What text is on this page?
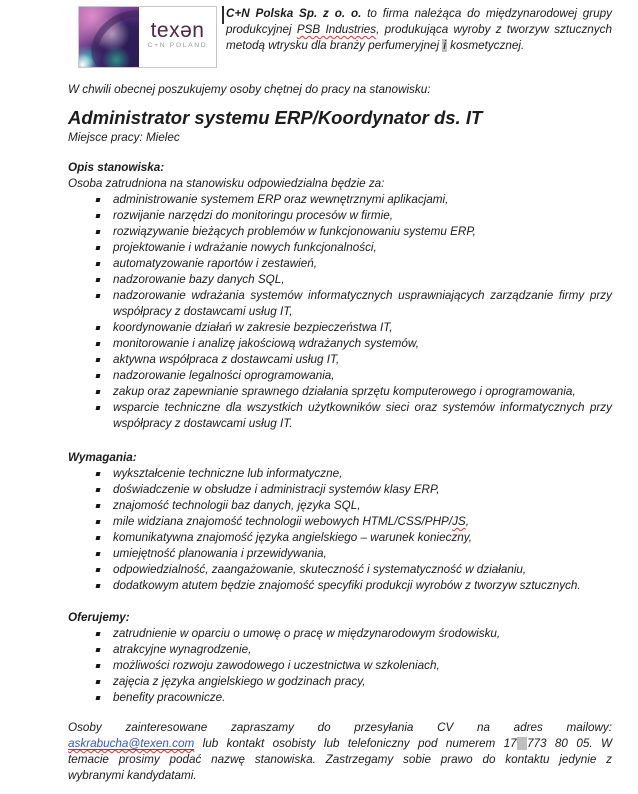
texən
C+N POLAND
C+N Polska Sp. z o. o. to firma należąca do międzynarodowej grupy produkcyjnej PSB Industries, produkująca wyroby z tworzyw sztucznych metodą wtrysku dla branży perfumeryjnej i kosmetycznej.

W chwili obecnej poszukujemy osoby chętnej do pracy na stanowisku:

Administrator systemu ERP/Koordynator ds. IT

Miejsce pracy: Mielec

Opis stanowiska:

Osoba zatrudniona na stanowisku odpowiedzialna będzie za:

administrowanie systemem ERP oraz wewnętrznymi aplikacjami,
rozwijanie narzędzi do monitoringu procesów w firmie,
rozwiązywanie bieżących problemów w funkcjonowaniu systemu ERP,
projektowanie i wdrażanie nowych funkcjonalności,
automatyzowanie raportów i zestawień,
nadzorowanie bazy danych SQL,
nadzorowanie wdrażania systemów informatycznych usprawniających zarządzanie firmy przy współpracy z dostawcami usług IT,
koordynowanie działań w zakresie bezpieczeństwa IT,
monitorowanie i analizę jakościową wdrażanych systemów,
aktywna współpraca z dostawcami usług IT,
nadzorowanie legalności oprogramowania,
zakup oraz zapewnianie sprawnego działania sprzętu komputerowego i oprogramowania,
wsparcie techniczne dla wszystkich użytkowników sieci oraz systemów informatycznych przy współpracy z dostawcami usług IT.

Wymagania:

wykształcenie techniczne lub informatyczne,
doświadczenie w obsłudze i administracji systemów klasy ERP,
znajomość technologii baz danych, języka SQL,
mile widziana znajomość technologii webowych HTML/CSS/PHP/JS,
komunikatywna znajomość języka angielskiego – warunek konieczny,
umiejętność planowania i przewidywania,
odpowiedzialność, zaangażowanie, skuteczność i systematyczność w działaniu,
dodatkowym atutem będzie znajomość specyfiki produkcji wyrobów z tworzyw sztucznych.

Oferujemy:

zatrudnienie w oparciu o umowę o pracę w międzynarodowym środowisku,
atrakcyjne wynagrodzenie,
możliwości rozwoju zawodowego i uczestnictwa w szkoleniach,
zajęcia z języka angielskiego w godzinach pracy,
benefity pracownicze.
Osoby zainteresowane zapraszamy do przesyłania CV na adres mailowy:
askrabucha@texen.com lub kontakt osobisty lub telefoniczny pod numerem 17 773 80 05. W
temacie prosimy podać nazwę stanowiska. Zastrzegamy sobie prawo do kontaktu jedynie z
wybranymi kandydatami.
